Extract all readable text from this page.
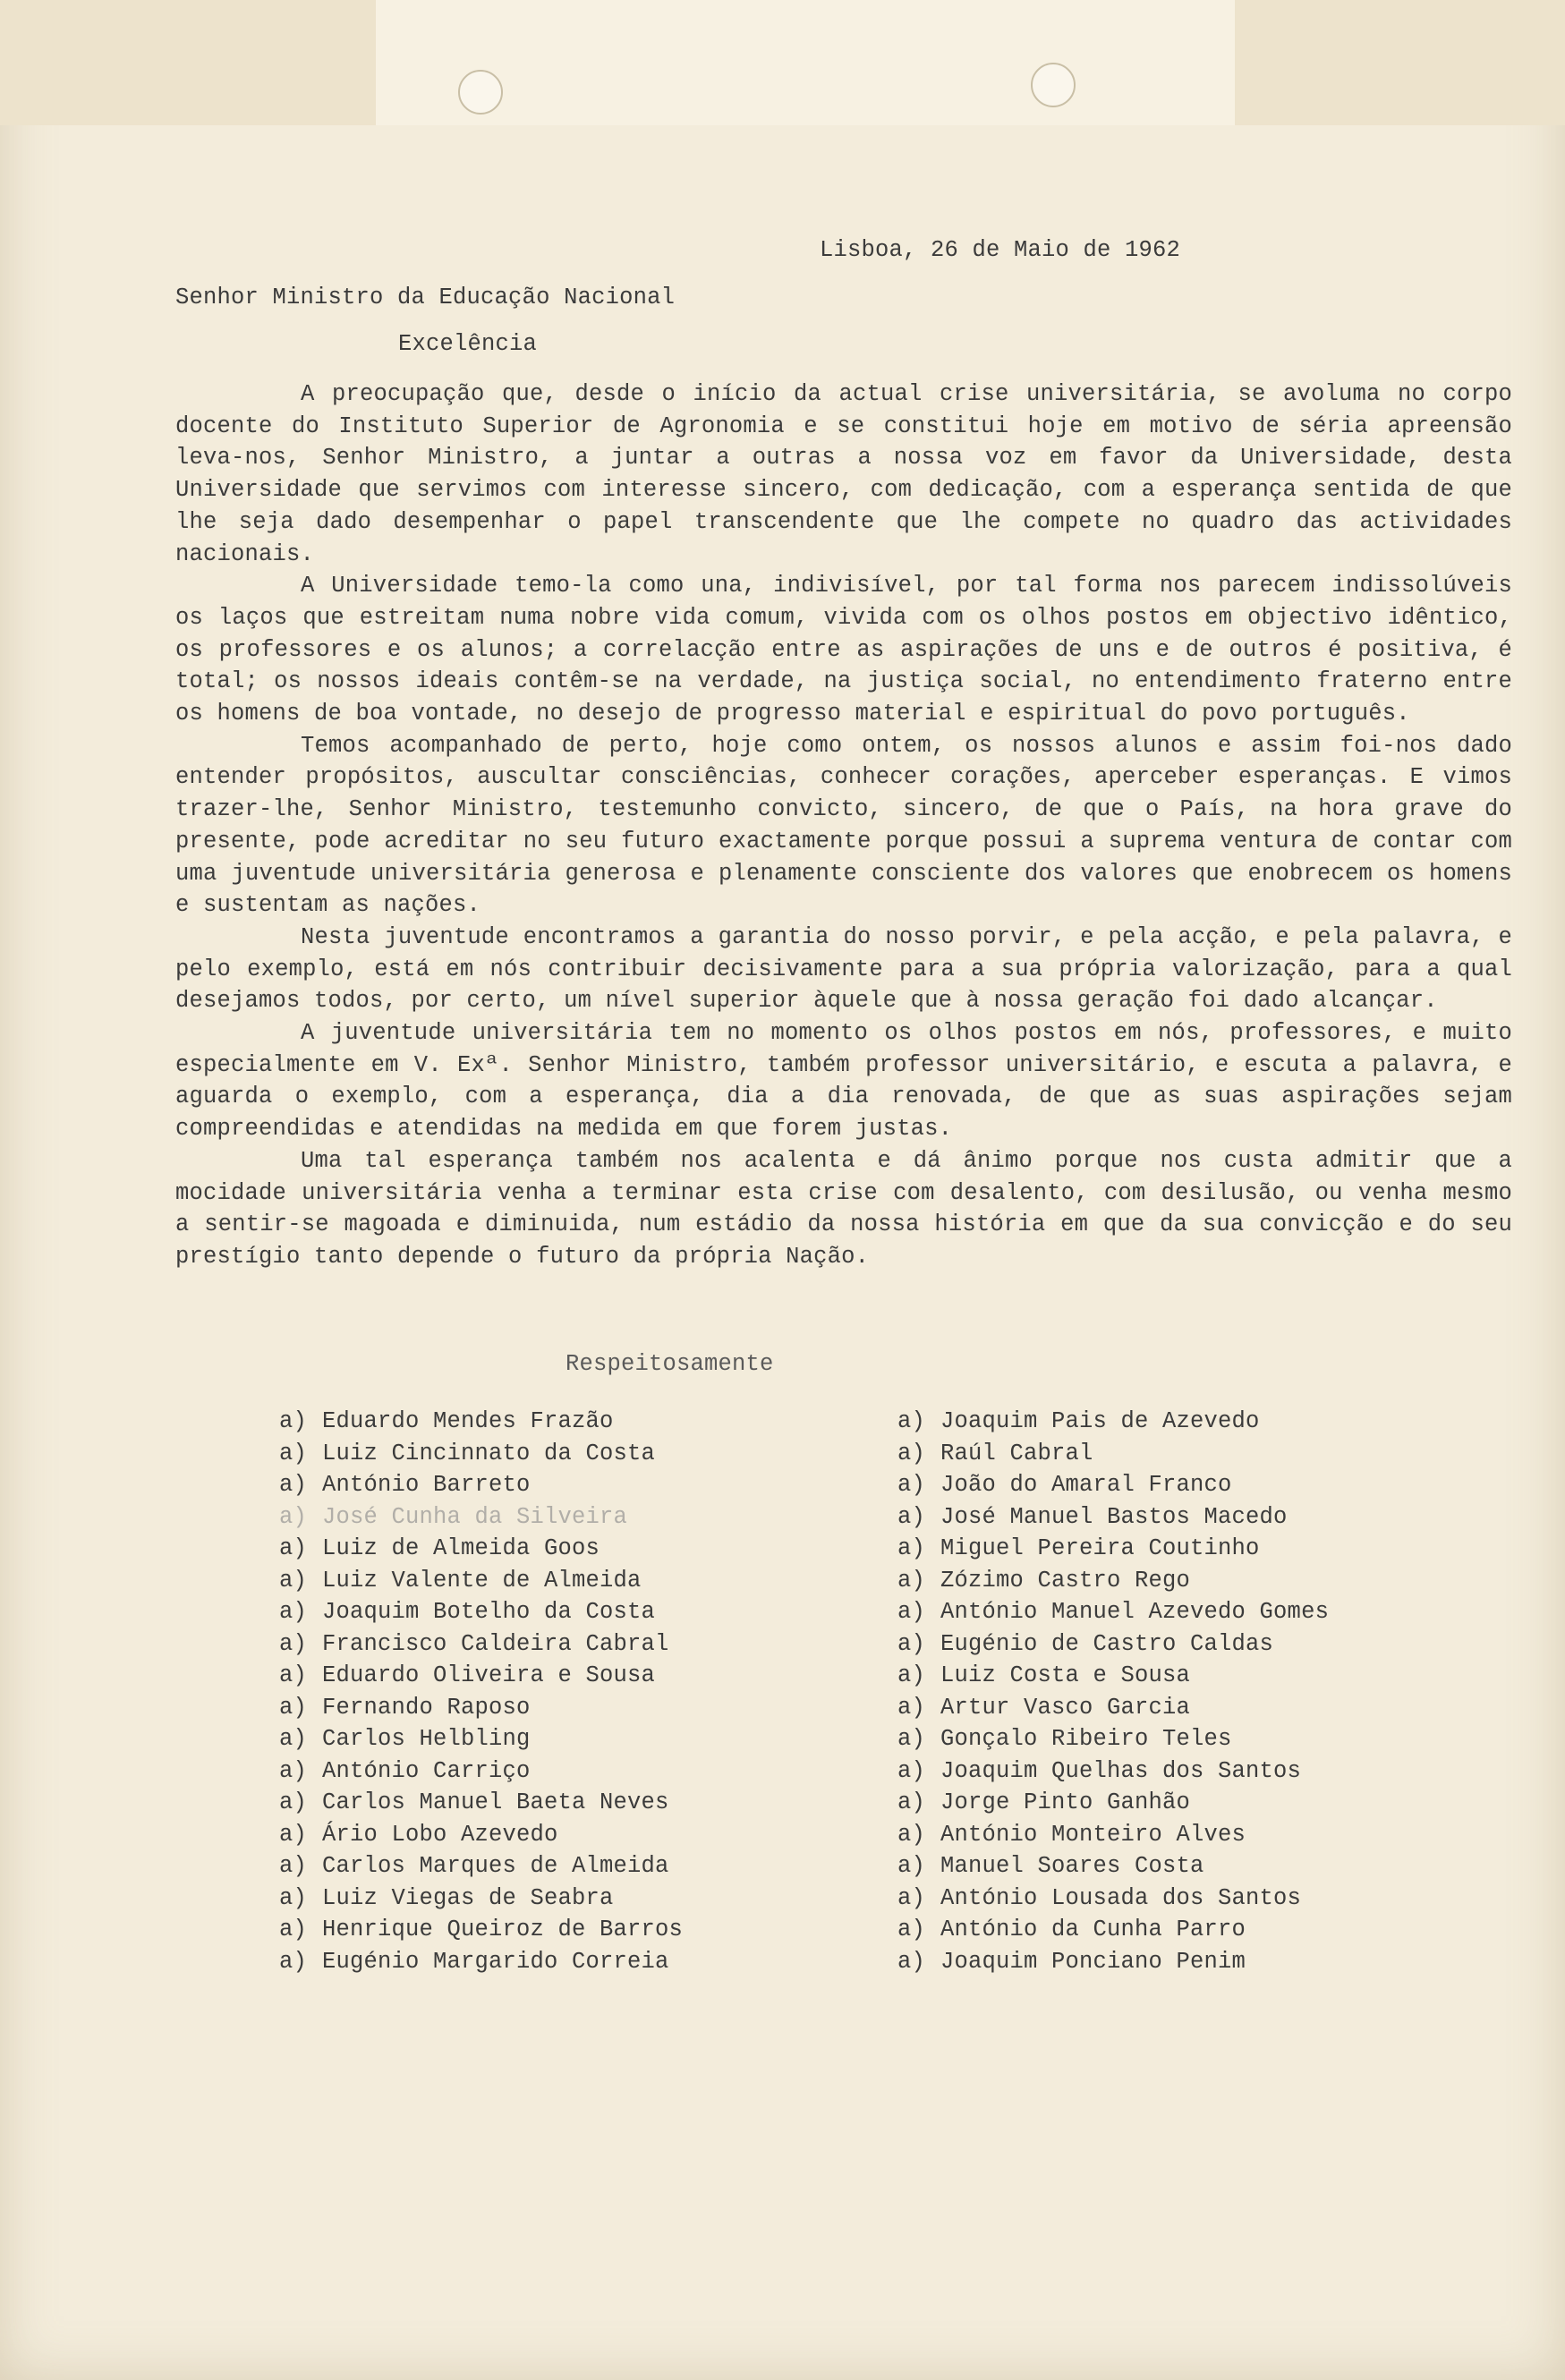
Lisboa, 26 de Maio de 1962
Senhor Ministro da Educação Nacional
Excelência

A preocupação que, desde o início da actual crise universitária, se avoluma no corpo docente do Instituto Superior de Agronomia e se constitui hoje em motivo de séria apreensão leva-nos, Senhor Ministro, a juntar a outras a nossa voz em favor da Universidade, desta Universidade que servimos com interesse sincero, com dedicação, com a esperança sentida de que lhe seja dado desempenhar o papel transcendente que lhe compete no quadro das actividades nacionais.

A Universidade temo-la como una, indivisível, por tal forma nos parecem indissolúveis os laços que estreitam numa nobre vida comum, vivida com os olhos postos em objectivo idêntico, os professores e os alunos; a correlacção entre as aspirações de uns e de outros é positiva, é total; os nossos ideais contêm-se na verdade, na justiça social, no entendimento fraterno entre os homens de boa vontade, no desejo de progresso material e espiritual do povo português.

Temos acompanhado de perto, hoje como ontem, os nossos alunos e assim foi-nos dado entender propósitos, auscultar consciências, conhecer corações, aperceber esperanças. E vimos trazer-lhe, Senhor Ministro, testemunho convicto, sincero, de que o País, na hora grave do presente, pode acreditar no seu futuro exactamente porque possui a suprema ventura de contar com uma juventude universitária generosa e plenamente consciente dos valores que enobrecem os homens e sustentam as nações.

Nesta juventude encontramos a garantia do nosso porvir, e pela acção, e pela palavra, e pelo exemplo, está em nós contribuir decisivamente para a sua própria valorização, para a qual desejamos todos, por certo, um nível superior àquele que à nossa geração foi dado alcançar.

A juventude universitária tem no momento os olhos postos em nós, professores, e muito especialmente em V. Exª. Senhor Ministro, também professor universitário, e escuta a palavra, e aguarda o exemplo, com a esperança, dia a dia renovada, de que as suas aspirações sejam compreendidas e atendidas na medida em que forem justas.

Uma tal esperança também nos acalenta e dá ânimo porque nos custa admitir que a mocidade universitária venha a terminar esta crise com desalento, com desilusão, ou venha mesmo a sentir-se magoada e diminuida, num estádio da nossa história em que da sua convicção e do seu prestígio tanto depende o futuro da própria Nação.

Respeitosamente
a) Eduardo Mendes Frazão
a) Luiz Cincinnato da Costa
a) António Barreto
a) José Cunha da Silveira
a) Luiz de Almeida Goos
a) Luiz Valente de Almeida
a) Joaquim Botelho da Costa
a) Francisco Caldeira Cabral
a) Eduardo Oliveira e Sousa
a) Fernando Raposo
a) Carlos Helbling
a) António Carriço
a) Carlos Manuel Baeta Neves
a) Ário Lobo Azevedo
a) Carlos Marques de Almeida
a) Luiz Viegas de Seabra
a) Henrique Queiroz de Barros
a) Eugénio Margarido Correia
a) Joaquim Pais de Azevedo
a) Raúl Cabral
a) João do Amaral Franco
a) José Manuel Bastos Macedo
a) Miguel Pereira Coutinho
a) Zózimo Castro Rego
a) António Manuel Azevedo Gomes
a) Eugénio de Castro Caldas
a) Luiz Costa e Sousa
a) Artur Vasco Garcia
a) Gonçalo Ribeiro Teles
a) Joaquim Quelhas dos Santos
a) Jorge Pinto Ganhão
a) António Monteiro Alves
a) Manuel Soares Costa
a) António Lousada dos Santos
a) António da Cunha Parro
a) Joaquim Ponciano Penim
